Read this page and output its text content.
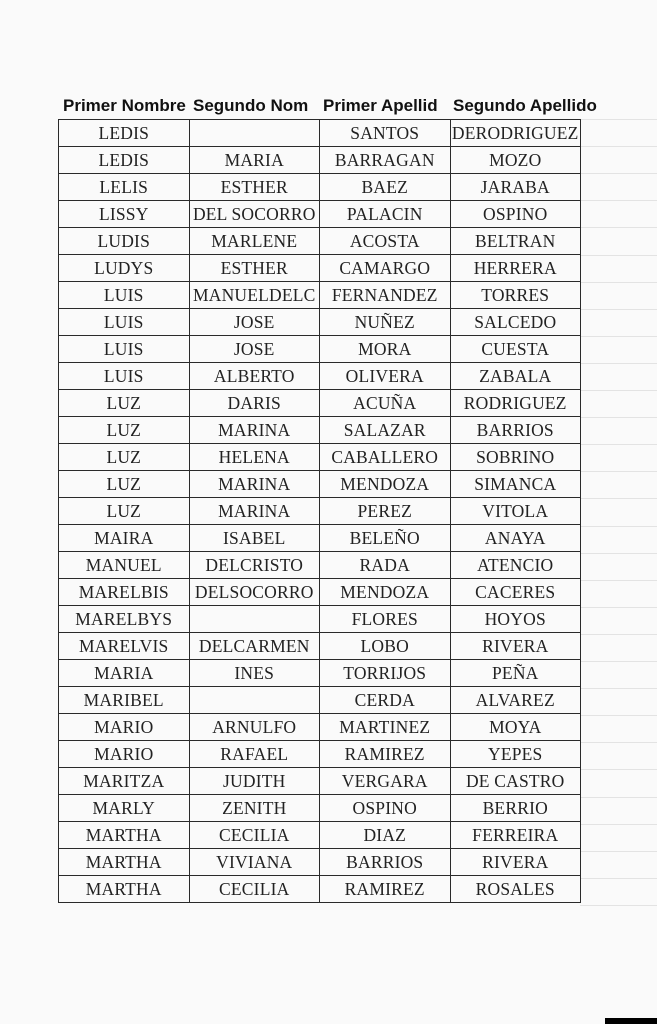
Primer Nombre Segundo Nom Primer Apellid Segundo Apellido
LEDIS		SANTOS	DERODRIGUEZ
LEDIS	MARIA	BARRAGAN	MOZO
LELIS	ESTHER	BAEZ	JARABA
LISSY	DEL SOCORRO	PALACIN	OSPINO
LUDIS	MARLENE	ACOSTA	BELTRAN
LUDYS	ESTHER	CAMARGO	HERRERA
LUIS	MANUELDELC	FERNANDEZ	TORRES
LUIS	JOSE	NUÑEZ	SALCEDO
LUIS	JOSE	MORA	CUESTA
LUIS	ALBERTO	OLIVERA	ZABALA
LUZ	DARIS	ACUÑA	RODRIGUEZ
LUZ	MARINA	SALAZAR	BARRIOS
LUZ	HELENA	CABALLERO	SOBRINO
LUZ	MARINA	MENDOZA	SIMANCA
LUZ	MARINA	PEREZ	VITOLA
MAIRA	ISABEL	BELEÑO	ANAYA
MANUEL	DELCRISTO	RADA	ATENCIO
MARELBIS	DELSOCORRO	MENDOZA	CACERES
MARELBYS		FLORES	HOYOS
MARELVIS	DELCARMEN	LOBO	RIVERA
MARIA	INES	TORRIJOS	PEÑA
MARIBEL		CERDA	ALVAREZ
MARIO	ARNULFO	MARTINEZ	MOYA
MARIO	RAFAEL	RAMIREZ	YEPES
MARITZA	JUDITH	VERGARA	DE CASTRO
MARLY	ZENITH	OSPINO	BERRIO
MARTHA	CECILIA	DIAZ	FERREIRA
MARTHA	VIVIANA	BARRIOS	RIVERA
MARTHA	CECILIA	RAMIREZ	ROSALES
